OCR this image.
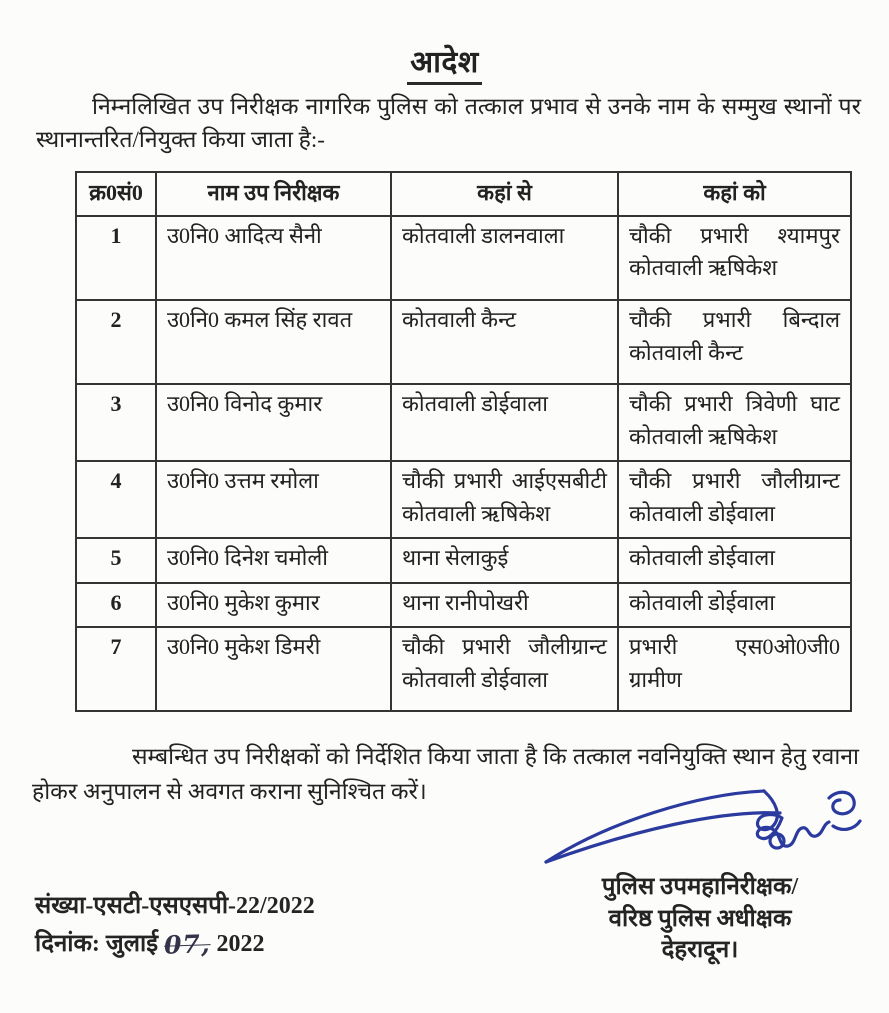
आदेश

निम्नलिखित उप निरीक्षक नागरिक पुलिस को तत्काल प्रभाव से उनके नाम के सम्मुख स्थानों पर स्थानान्तरित/नियुक्त किया जाता है:-

क्र0सं0	नाम उप निरीक्षक	कहां से	कहां को
1	उ0नि0 आदित्य सैनी	कोतवाली डालनवाला	चौकी प्रभारी श्यामपुर कोतवाली ऋषिकेश
2	उ0नि0 कमल सिंह रावत	कोतवाली कैन्ट	चौकी प्रभारी बिन्दाल कोतवाली कैन्ट
3	उ0नि0 विनोद कुमार	कोतवाली डोईवाला	चौकी प्रभारी त्रिवेणी घाट कोतवाली ऋषिकेश
4	उ0नि0 उत्तम रमोला	चौकी प्रभारी आईएसबीटी कोतवाली ऋषिकेश	चौकी प्रभारी जौलीग्रान्ट कोतवाली डोईवाला
5	उ0नि0 दिनेश चमोली	थाना सेलाकुई	कोतवाली डोईवाला
6	उ0नि0 मुकेश कुमार	थाना रानीपोखरी	कोतवाली डोईवाला
7	उ0नि0 मुकेश डिमरी	चौकी प्रभारी जौलीग्रान्ट कोतवाली डोईवाला	प्रभारी एस0ओ0जी0 ग्रामीण

सम्बन्धित उप निरीक्षकों को निर्देशित किया जाता है कि तत्काल नवनियुक्ति स्थान हेतु रवाना होकर अनुपालन से अवगत कराना सुनिश्चित करें।

पुलिस उपमहानिरीक्षक/
वरिष्ठ पुलिस अधीक्षक
देहरादून।
संख्या-एसटी-एसएसपी-22/2022
दिनांक: जुलाई 07, 2022
